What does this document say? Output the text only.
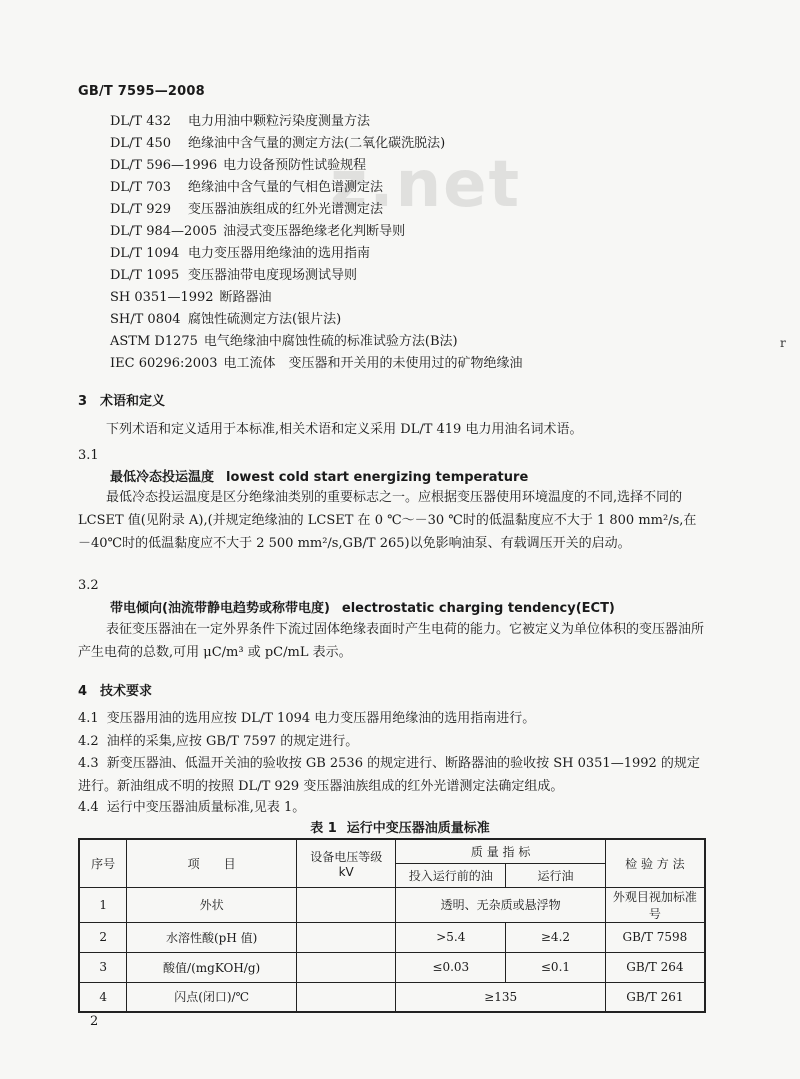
GB/T 7595—2008
z.net
r
DL/T 432 电力用油中颗粒污染度测量方法
DL/T 450 绝缘油中含气量的测定方法(二氧化碳洗脱法)
DL/T 596—1996 电力设备预防性试验规程
DL/T 703 绝缘油中含气量的气相色谱测定法
DL/T 929 变压器油族组成的红外光谱测定法
DL/T 984—2005 油浸式变压器绝缘老化判断导则
DL/T 1094 电力变压器用绝缘油的选用指南
DL/T 1095 变压器油带电度现场测试导则
SH 0351—1992 断路器油
SH/T 0804 腐蚀性硫测定方法(银片法)
ASTM D1275 电气绝缘油中腐蚀性硫的标准试验方法(B法)
IEC 60296:2003 电工流体　变压器和开关用的未使用过的矿物绝缘油
3 术语和定义
下列术语和定义适用于本标准,相关术语和定义采用 DL/T 419 电力用油名词术语。
3.1
最低冷态投运温度 lowest cold start energizing temperature
最低冷态投运温度是区分绝缘油类别的重要标志之一。应根据变压器使用环境温度的不同,选择不同的 LCSET 值(见附录 A),(并规定绝缘油的 LCSET 在 0 ℃～－30 ℃时的低温黏度应不大于 1 800 mm²/s,在－40℃时的低温黏度应不大于 2 500 mm²/s,GB/T 265)以免影响油泵、有载调压开关的启动。
3.2
带电倾向(油流带静电趋势或称带电度) electrostatic charging tendency(ECT)
表征变压器油在一定外界条件下流过固体绝缘表面时产生电荷的能力。它被定义为单位体积的变压器油所产生电荷的总数,可用 μC/m³ 或 pC/mL 表示。
4 技术要求
4.1 变压器用油的选用应按 DL/T 1094 电力变压器用绝缘油的选用指南进行。
4.2 油样的采集,应按 GB/T 7597 的规定进行。
4.3 新变压器油、低温开关油的验收按 GB 2536 的规定进行、断路器油的验收按 SH 0351—1992 的规定进行。新油组成不明的按照 DL/T 929 变压器油族组成的红外光谱测定法确定组成。
4.4 运行中变压器油质量标准,见表 1。
表 1 运行中变压器油质量标准
序号	项　　目	设备电压等级
kV	质 量 指 标		检 验 方 法
			投入运行前的油	运行油	
1	外状		透明、无杂质或悬浮物		外观目视加标准号
2	水溶性酸(pH 值)		>5.4	≥4.2	GB/T 7598
3	酸值/(mgKOH/g)		≤0.03	≤0.1	GB/T 264
4	闪点(闭口)/℃		≥135		GB/T 261
2
